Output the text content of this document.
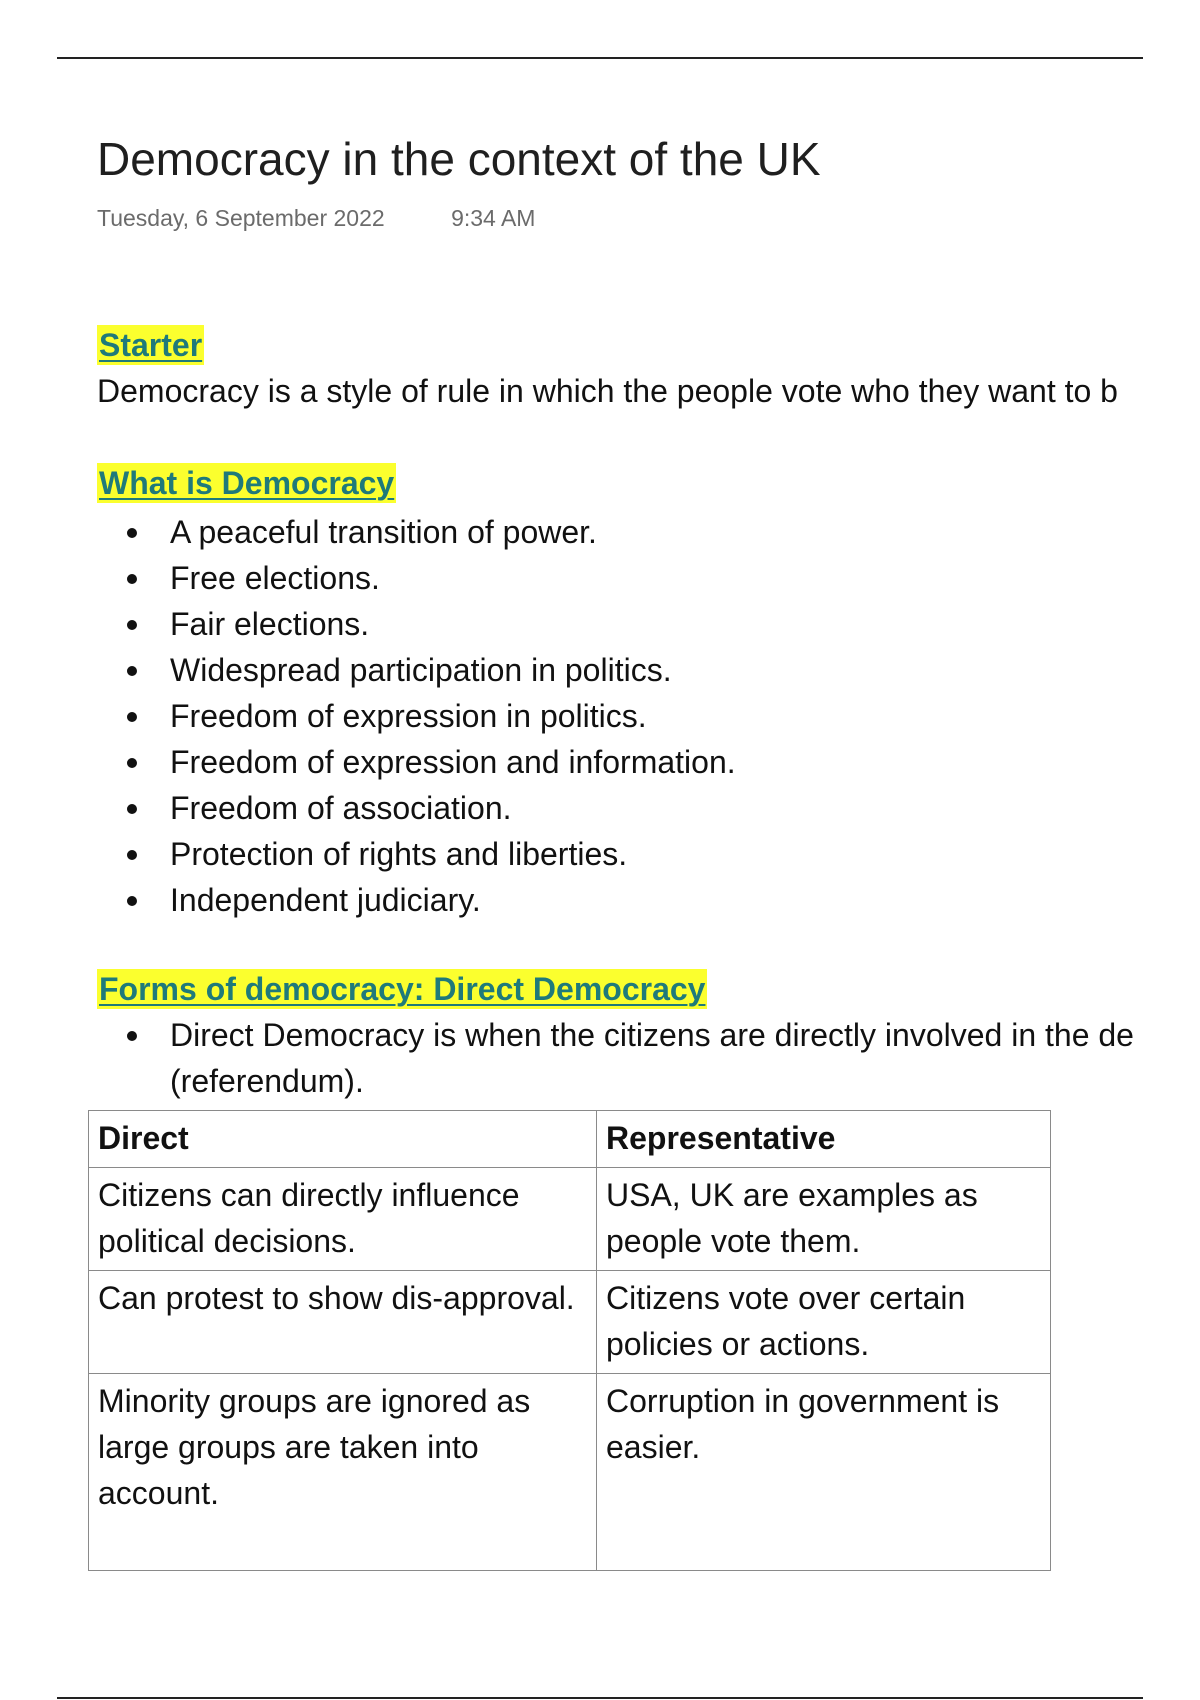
Democracy in the context of the UK
Tuesday, 6 September 2022	9:34 AM
Starter
Democracy is a style of rule in which the people vote who they want to b
What is Democracy
A peaceful transition of power.
Free elections.
Fair elections.
Widespread participation in politics.
Freedom of expression in politics.
Freedom of expression and information.
Freedom of association.
Protection of rights and liberties.
Independent judiciary.
Forms of democracy: Direct Democracy
Direct Democracy is when the citizens are directly involved in the de
(referendum).
Direct	Representative
Citizens can directly influence political decisions.	USA, UK are examples as people vote them.
Can protest to show dis-approval.	Citizens vote over certain policies or actions.
Minority groups are ignored as large groups are taken into account.	Corruption in government is easier.
